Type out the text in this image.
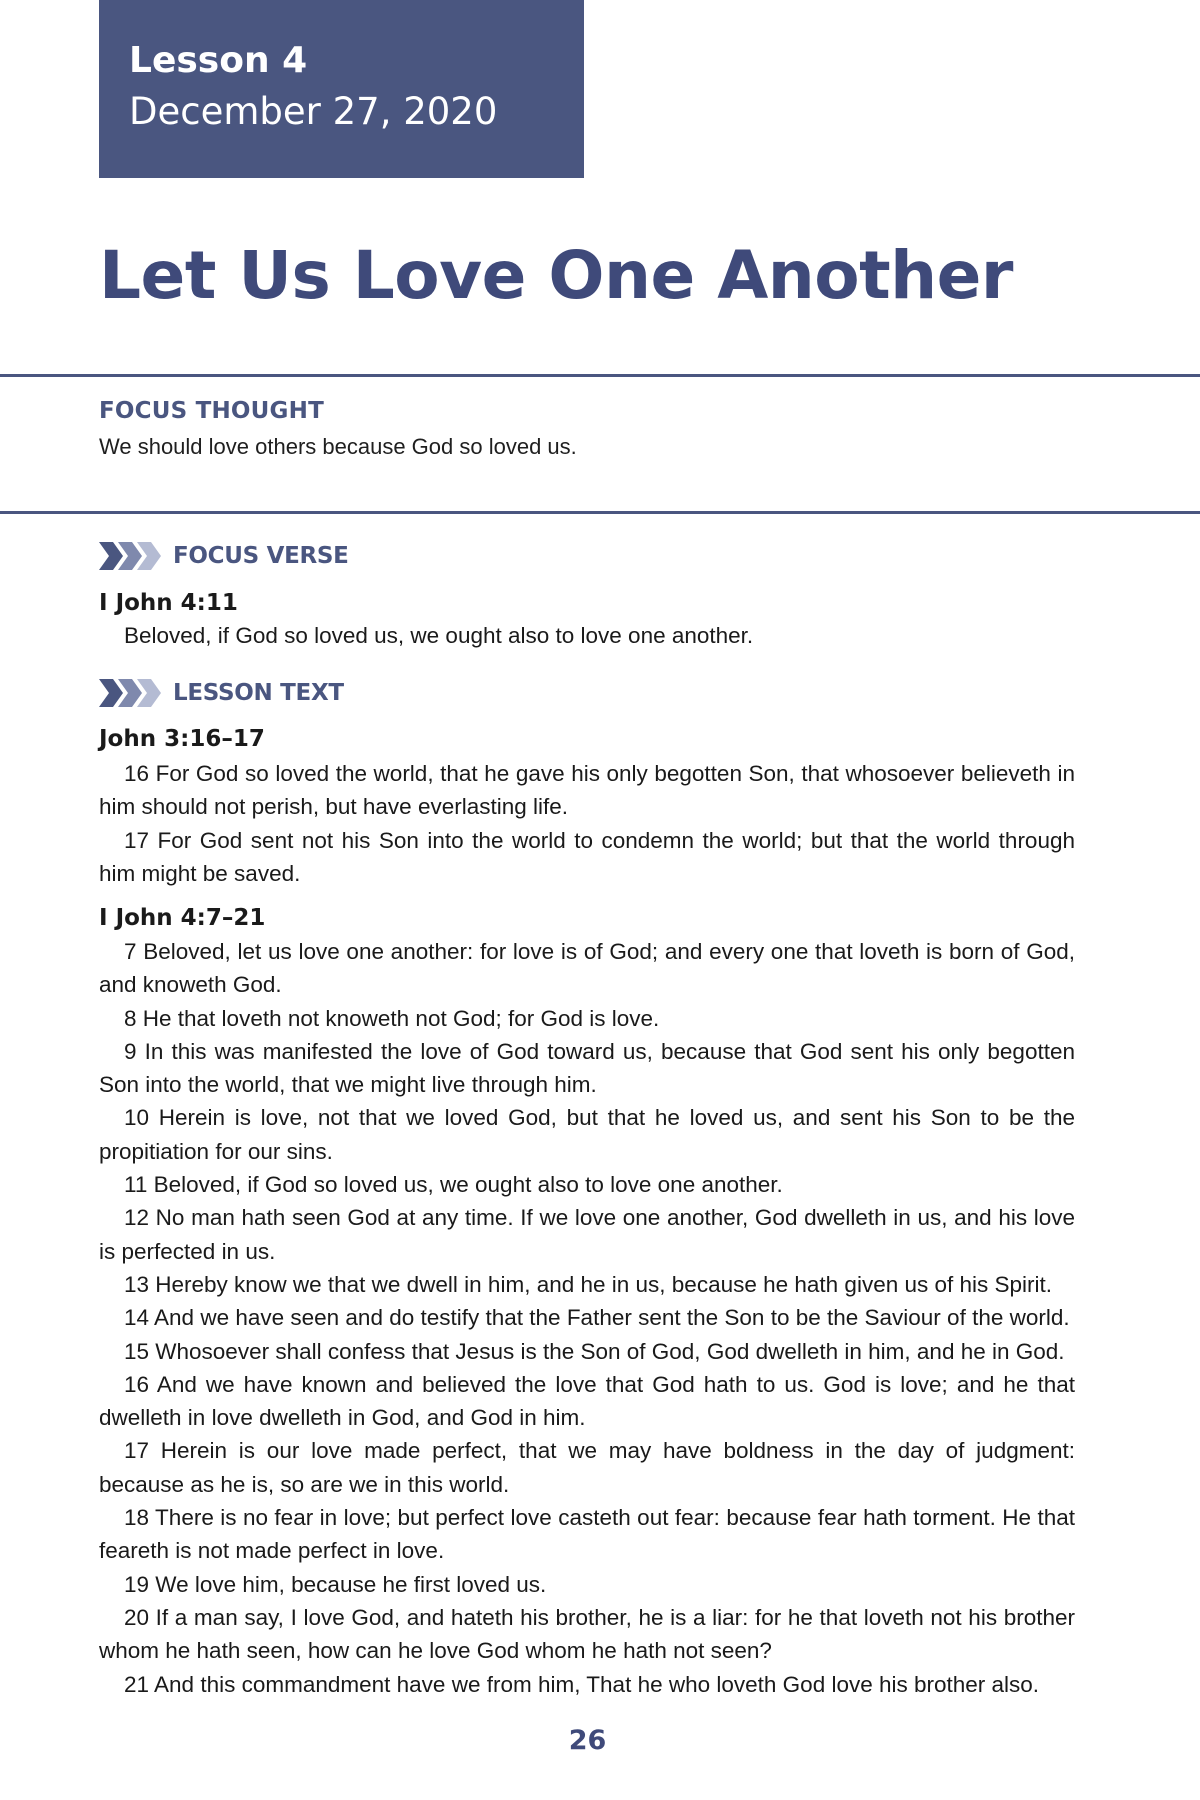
Lesson 4
December 27, 2020
Let Us Love One Another
FOCUS THOUGHT
We should love others because God so loved us.
FOCUS VERSE
I John 4:11

Beloved, if God so loved us, we ought also to love one another.

LESSON TEXT
John 3:16–17

16 For God so loved the world, that he gave his only begotten Son, that whosoever believeth in him should not perish, but have everlasting life.

17 For God sent not his Son into the world to condemn the world; but that the world through him might be saved.

I John 4:7–21

7 Beloved, let us love one another: for love is of God; and every one that loveth is born of God, and knoweth God.

8 He that loveth not knoweth not God; for God is love.

9 In this was manifested the love of God toward us, because that God sent his only begotten Son into the world, that we might live through him.

10 Herein is love, not that we loved God, but that he loved us, and sent his Son to be the propitiation for our sins.

11 Beloved, if God so loved us, we ought also to love one another.

12 No man hath seen God at any time. If we love one another, God dwelleth in us, and his love is perfected in us.

13 Hereby know we that we dwell in him, and he in us, because he hath given us of his Spirit.

14 And we have seen and do testify that the Father sent the Son to be the Saviour of the world.

15 Whosoever shall confess that Jesus is the Son of God, God dwelleth in him, and he in God.

16 And we have known and believed the love that God hath to us. God is love; and he that dwelleth in love dwelleth in God, and God in him.

17 Herein is our love made perfect, that we may have boldness in the day of judgment: because as he is, so are we in this world.

18 There is no fear in love; but perfect love casteth out fear: because fear hath torment. He that feareth is not made perfect in love.

19 We love him, because he first loved us.

20 If a man say, I love God, and hateth his brother, he is a liar: for he that loveth not his brother whom he hath seen, how can he love God whom he hath not seen?

21 And this commandment have we from him, That he who loveth God love his brother also.

26
